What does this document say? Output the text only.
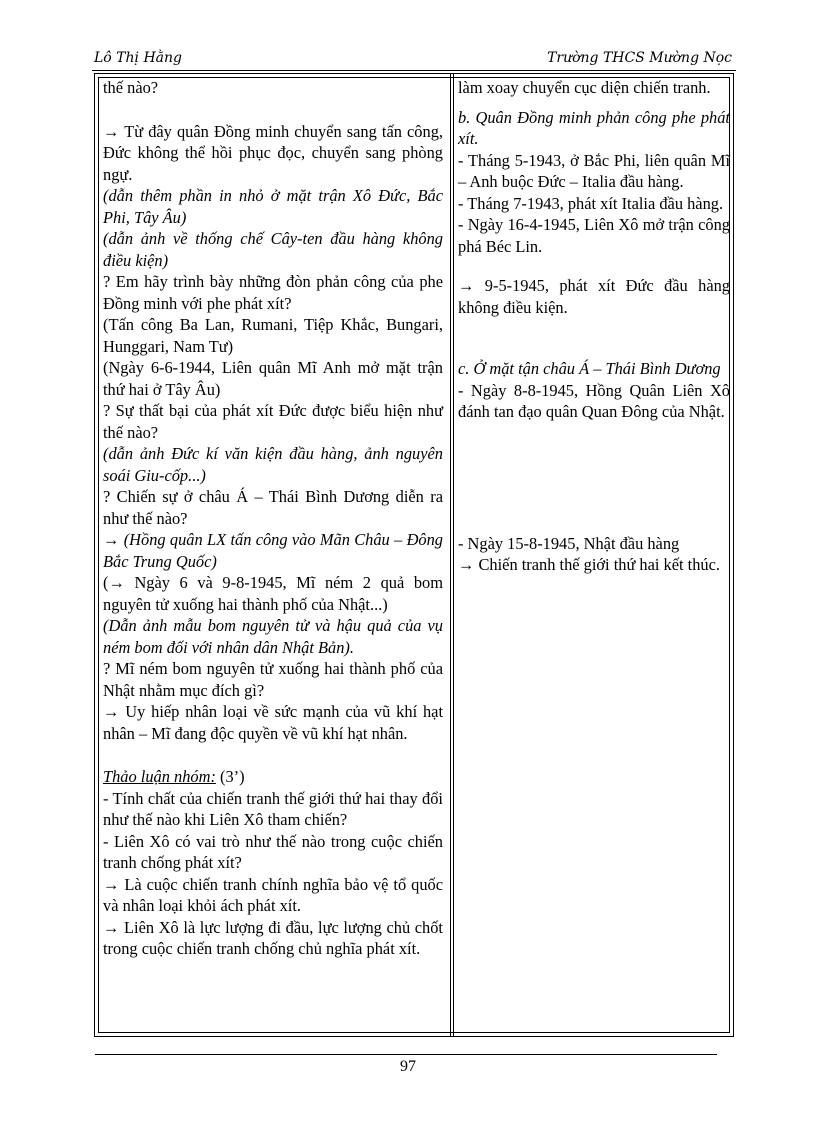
Lô Thị Hằng	Trường THCS Mường Nọc

thế nào?

→ Từ đây quân Đồng minh chuyển sang tấn công, Đức không thể hồi phục đọc, chuyển sang phòng ngự.

(dẫn thêm phần in nhỏ ở mặt trận Xô Đức, Bắc Phi, Tây Âu)

(dẫn ảnh về thống chế Cây-ten đầu hàng không điều kiện)

? Em hãy trình bày những đòn phản công của phe Đồng minh với phe phát xít?

(Tấn công Ba Lan, Rumani, Tiệp Khắc, Bungari, Hunggari, Nam Tư)

(Ngày 6-6-1944, Liên quân Mĩ Anh mở mặt trận thứ hai ở Tây Âu)

? Sự thất bại của phát xít Đức được biểu hiện như thế nào?

(dẫn ảnh Đức kí văn kiện đầu hàng, ảnh nguyên soái Giu-cốp...)

? Chiến sự ở châu Á – Thái Bình Dương diễn ra như thế nào?

→ (Hồng quân LX tấn công vào Mãn Châu – Đông Bắc Trung Quốc)

(→ Ngày 6 và 9-8-1945, Mĩ ném 2 quả bom nguyên tử xuống hai thành phố của Nhật...)

(Dẫn ảnh mẫu bom nguyên tử và hậu quả của vụ ném bom đối với nhân dân Nhật Bản).

? Mĩ ném bom nguyên tử xuống hai thành phố của Nhật nhằm mục đích gì?

→ Uy hiếp nhân loại về sức mạnh của vũ khí hạt nhân – Mĩ đang độc quyền về vũ khí hạt nhân.

Thảo luận nhóm: (3’)

- Tính chất của chiến tranh thế giới thứ hai thay đổi như thế nào khi Liên Xô tham chiến?

- Liên Xô có vai trò như thế nào trong cuộc chiến tranh chống phát xít?

→ Là cuộc chiến tranh chính nghĩa bảo vệ tổ quốc và nhân loại khỏi ách phát xít.

→ Liên Xô là lực lượng đi đầu, lực lượng chủ chốt trong cuộc chiến tranh chống chủ nghĩa phát xít.

làm xoay chuyển cục diện chiến tranh.

b. Quân Đồng minh phản công phe phát xít.

- Tháng 5-1943, ở Bắc Phi, liên quân Mĩ – Anh buộc Đức – Italia đầu hàng.

- Tháng 7-1943, phát xít Italia đầu hàng.

- Ngày 16-4-1945, Liên Xô mở trận công phá Béc Lin.

→ 9-5-1945, phát xít Đức đầu hàng không điều kiện.

c. Ở mặt tận châu Á – Thái Bình Dương

- Ngày 8-8-1945, Hồng Quân Liên Xô đánh tan đạo quân Quan Đông của Nhật.

- Ngày 15-8-1945, Nhật đầu hàng

→ Chiến tranh thế giới thứ hai kết thúc.

97
